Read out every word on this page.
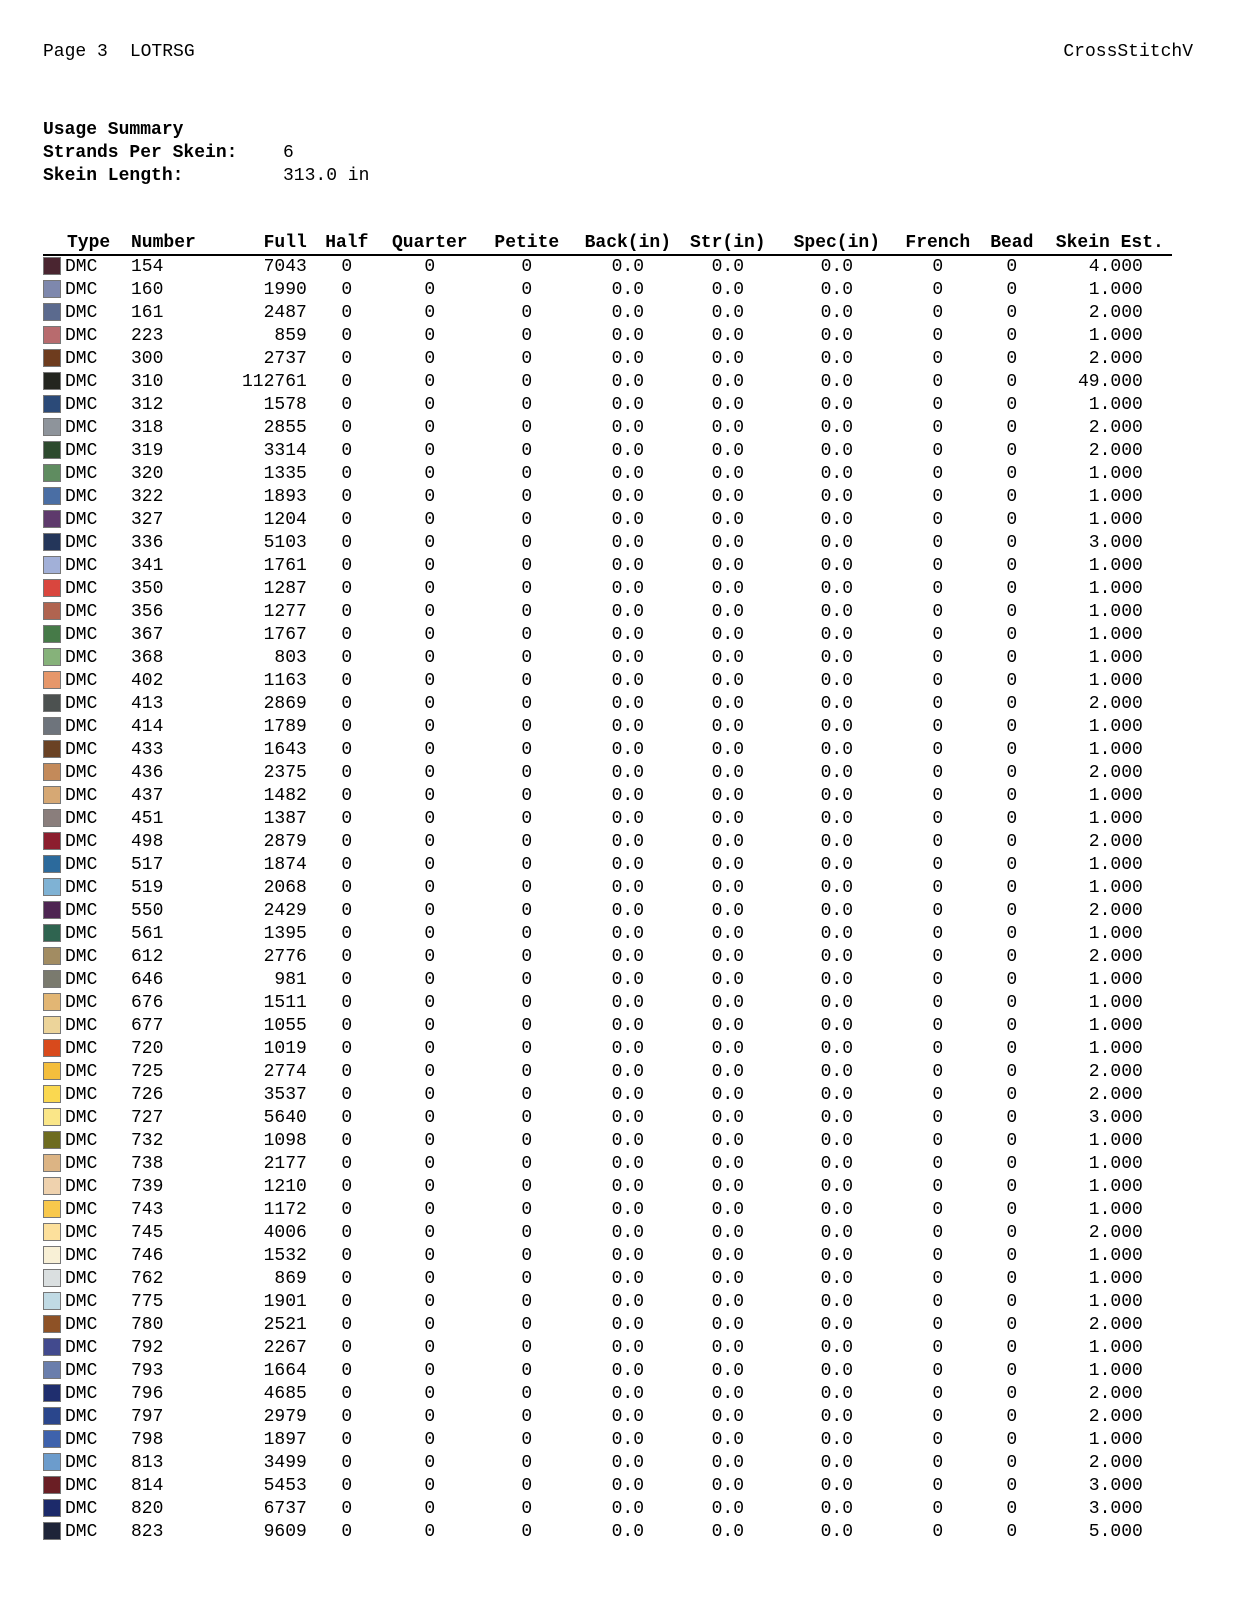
Page 3 LOTRSG	CrossStitchV
Usage Summary
Strands Per Skein:	6
Skein Length:	313.0 in
	Type	Number	Full	Half	Quarter	Petite	Back(in)	Str(in)	Spec(in)	French	Bead	Skein Est.
	DMC	154	7043	0	0	0	0.0	0.0	0.0	0	0	4.000
	DMC	160	1990	0	0	0	0.0	0.0	0.0	0	0	1.000
	DMC	161	2487	0	0	0	0.0	0.0	0.0	0	0	2.000
	DMC	223	859	0	0	0	0.0	0.0	0.0	0	0	1.000
	DMC	300	2737	0	0	0	0.0	0.0	0.0	0	0	2.000
	DMC	310	112761	0	0	0	0.0	0.0	0.0	0	0	49.000
	DMC	312	1578	0	0	0	0.0	0.0	0.0	0	0	1.000
	DMC	318	2855	0	0	0	0.0	0.0	0.0	0	0	2.000
	DMC	319	3314	0	0	0	0.0	0.0	0.0	0	0	2.000
	DMC	320	1335	0	0	0	0.0	0.0	0.0	0	0	1.000
	DMC	322	1893	0	0	0	0.0	0.0	0.0	0	0	1.000
	DMC	327	1204	0	0	0	0.0	0.0	0.0	0	0	1.000
	DMC	336	5103	0	0	0	0.0	0.0	0.0	0	0	3.000
	DMC	341	1761	0	0	0	0.0	0.0	0.0	0	0	1.000
	DMC	350	1287	0	0	0	0.0	0.0	0.0	0	0	1.000
	DMC	356	1277	0	0	0	0.0	0.0	0.0	0	0	1.000
	DMC	367	1767	0	0	0	0.0	0.0	0.0	0	0	1.000
	DMC	368	803	0	0	0	0.0	0.0	0.0	0	0	1.000
	DMC	402	1163	0	0	0	0.0	0.0	0.0	0	0	1.000
	DMC	413	2869	0	0	0	0.0	0.0	0.0	0	0	2.000
	DMC	414	1789	0	0	0	0.0	0.0	0.0	0	0	1.000
	DMC	433	1643	0	0	0	0.0	0.0	0.0	0	0	1.000
	DMC	436	2375	0	0	0	0.0	0.0	0.0	0	0	2.000
	DMC	437	1482	0	0	0	0.0	0.0	0.0	0	0	1.000
	DMC	451	1387	0	0	0	0.0	0.0	0.0	0	0	1.000
	DMC	498	2879	0	0	0	0.0	0.0	0.0	0	0	2.000
	DMC	517	1874	0	0	0	0.0	0.0	0.0	0	0	1.000
	DMC	519	2068	0	0	0	0.0	0.0	0.0	0	0	1.000
	DMC	550	2429	0	0	0	0.0	0.0	0.0	0	0	2.000
	DMC	561	1395	0	0	0	0.0	0.0	0.0	0	0	1.000
	DMC	612	2776	0	0	0	0.0	0.0	0.0	0	0	2.000
	DMC	646	981	0	0	0	0.0	0.0	0.0	0	0	1.000
	DMC	676	1511	0	0	0	0.0	0.0	0.0	0	0	1.000
	DMC	677	1055	0	0	0	0.0	0.0	0.0	0	0	1.000
	DMC	720	1019	0	0	0	0.0	0.0	0.0	0	0	1.000
	DMC	725	2774	0	0	0	0.0	0.0	0.0	0	0	2.000
	DMC	726	3537	0	0	0	0.0	0.0	0.0	0	0	2.000
	DMC	727	5640	0	0	0	0.0	0.0	0.0	0	0	3.000
	DMC	732	1098	0	0	0	0.0	0.0	0.0	0	0	1.000
	DMC	738	2177	0	0	0	0.0	0.0	0.0	0	0	1.000
	DMC	739	1210	0	0	0	0.0	0.0	0.0	0	0	1.000
	DMC	743	1172	0	0	0	0.0	0.0	0.0	0	0	1.000
	DMC	745	4006	0	0	0	0.0	0.0	0.0	0	0	2.000
	DMC	746	1532	0	0	0	0.0	0.0	0.0	0	0	1.000
	DMC	762	869	0	0	0	0.0	0.0	0.0	0	0	1.000
	DMC	775	1901	0	0	0	0.0	0.0	0.0	0	0	1.000
	DMC	780	2521	0	0	0	0.0	0.0	0.0	0	0	2.000
	DMC	792	2267	0	0	0	0.0	0.0	0.0	0	0	1.000
	DMC	793	1664	0	0	0	0.0	0.0	0.0	0	0	1.000
	DMC	796	4685	0	0	0	0.0	0.0	0.0	0	0	2.000
	DMC	797	2979	0	0	0	0.0	0.0	0.0	0	0	2.000
	DMC	798	1897	0	0	0	0.0	0.0	0.0	0	0	1.000
	DMC	813	3499	0	0	0	0.0	0.0	0.0	0	0	2.000
	DMC	814	5453	0	0	0	0.0	0.0	0.0	0	0	3.000
	DMC	820	6737	0	0	0	0.0	0.0	0.0	0	0	3.000
	DMC	823	9609	0	0	0	0.0	0.0	0.0	0	0	5.000
